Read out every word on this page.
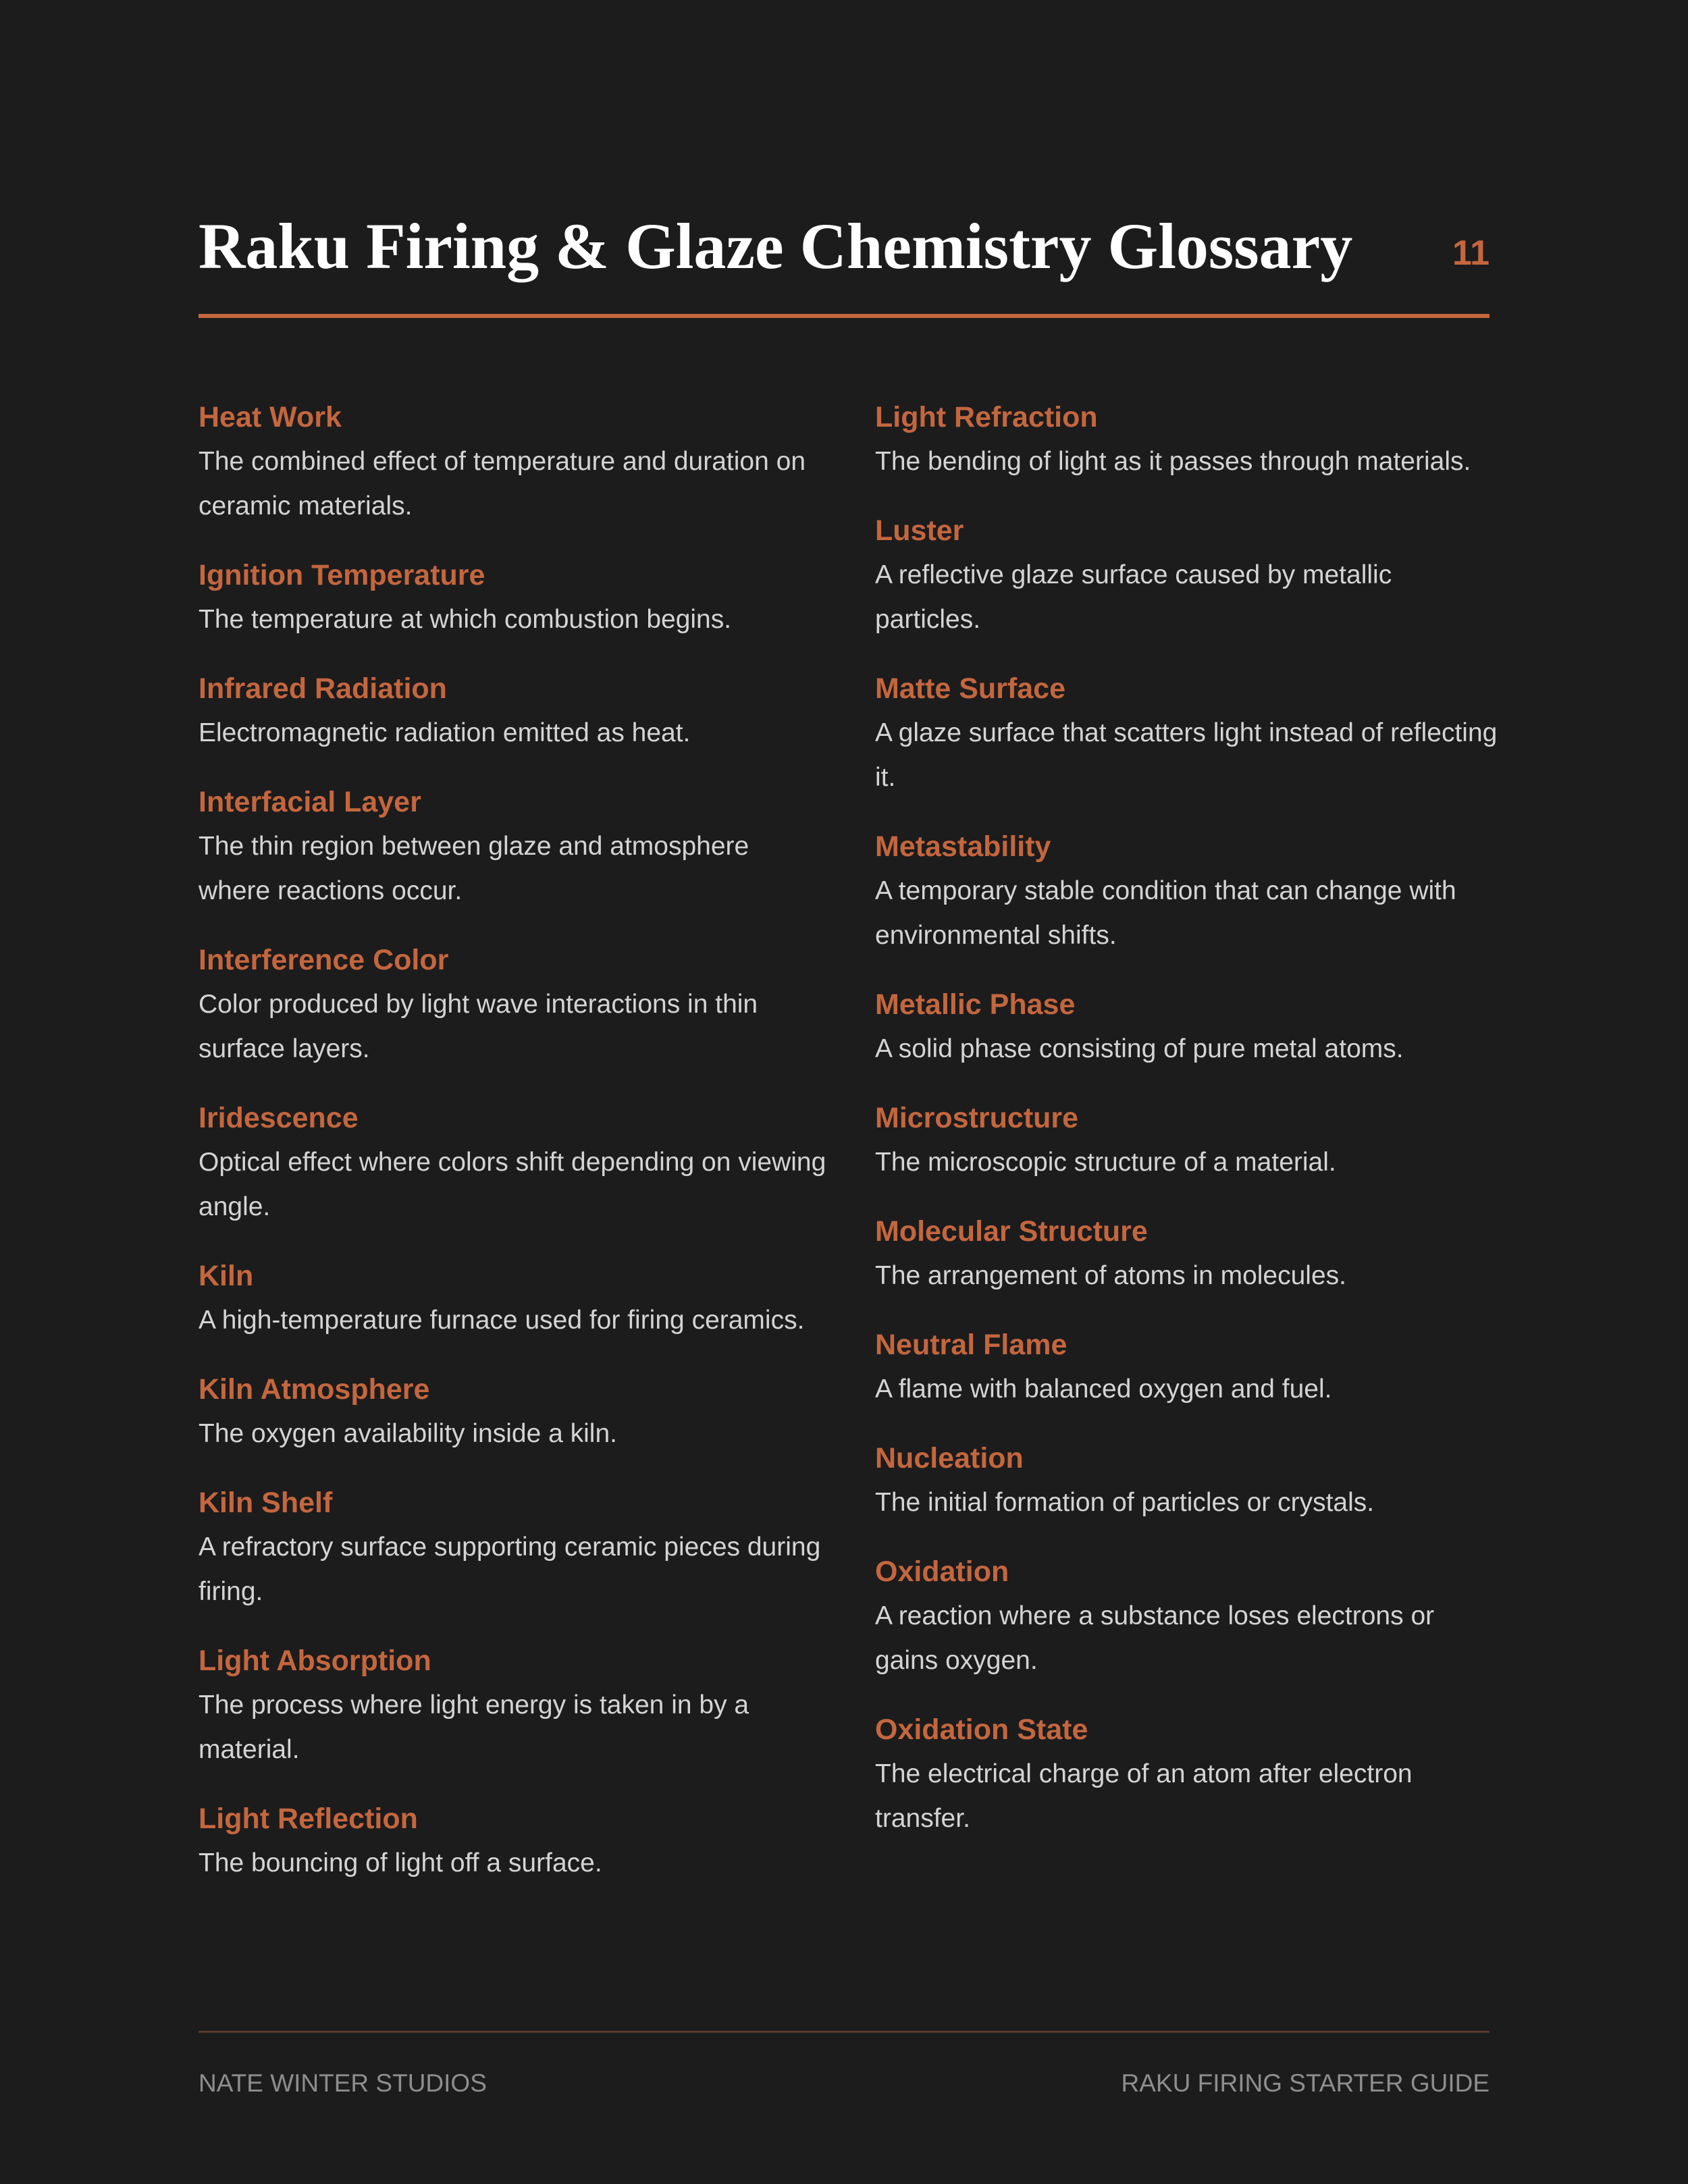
Raku Firing & Glaze Chemistry Glossary	11
Heat Work
The combined effect of temperature and duration on ceramic materials.
Ignition Temperature
The temperature at which combustion begins.
Infrared Radiation
Electromagnetic radiation emitted as heat.
Interfacial Layer
The thin region between glaze and atmosphere where reactions occur.
Interference Color
Color produced by light wave interactions in thin surface layers.
Iridescence
Optical effect where colors shift depending on viewing angle.
Kiln
A high-temperature furnace used for firing ceramics.
Kiln Atmosphere
The oxygen availability inside a kiln.
Kiln Shelf
A refractory surface supporting ceramic pieces during firing.
Light Absorption
The process where light energy is taken in by a material.
Light Reflection
The bouncing of light off a surface.
Light Refraction
The bending of light as it passes through materials.
Luster
A reflective glaze surface caused by metallic particles.
Matte Surface
A glaze surface that scatters light instead of reflecting it.
Metastability
A temporary stable condition that can change with environmental shifts.
Metallic Phase
A solid phase consisting of pure metal atoms.
Microstructure
The microscopic structure of a material.
Molecular Structure
The arrangement of atoms in molecules.
Neutral Flame
A flame with balanced oxygen and fuel.
Nucleation
The initial formation of particles or crystals.
Oxidation
A reaction where a substance loses electrons or gains oxygen.
Oxidation State
The electrical charge of an atom after electron transfer.
NATE WINTER STUDIOS	RAKU FIRING STARTER GUIDE
